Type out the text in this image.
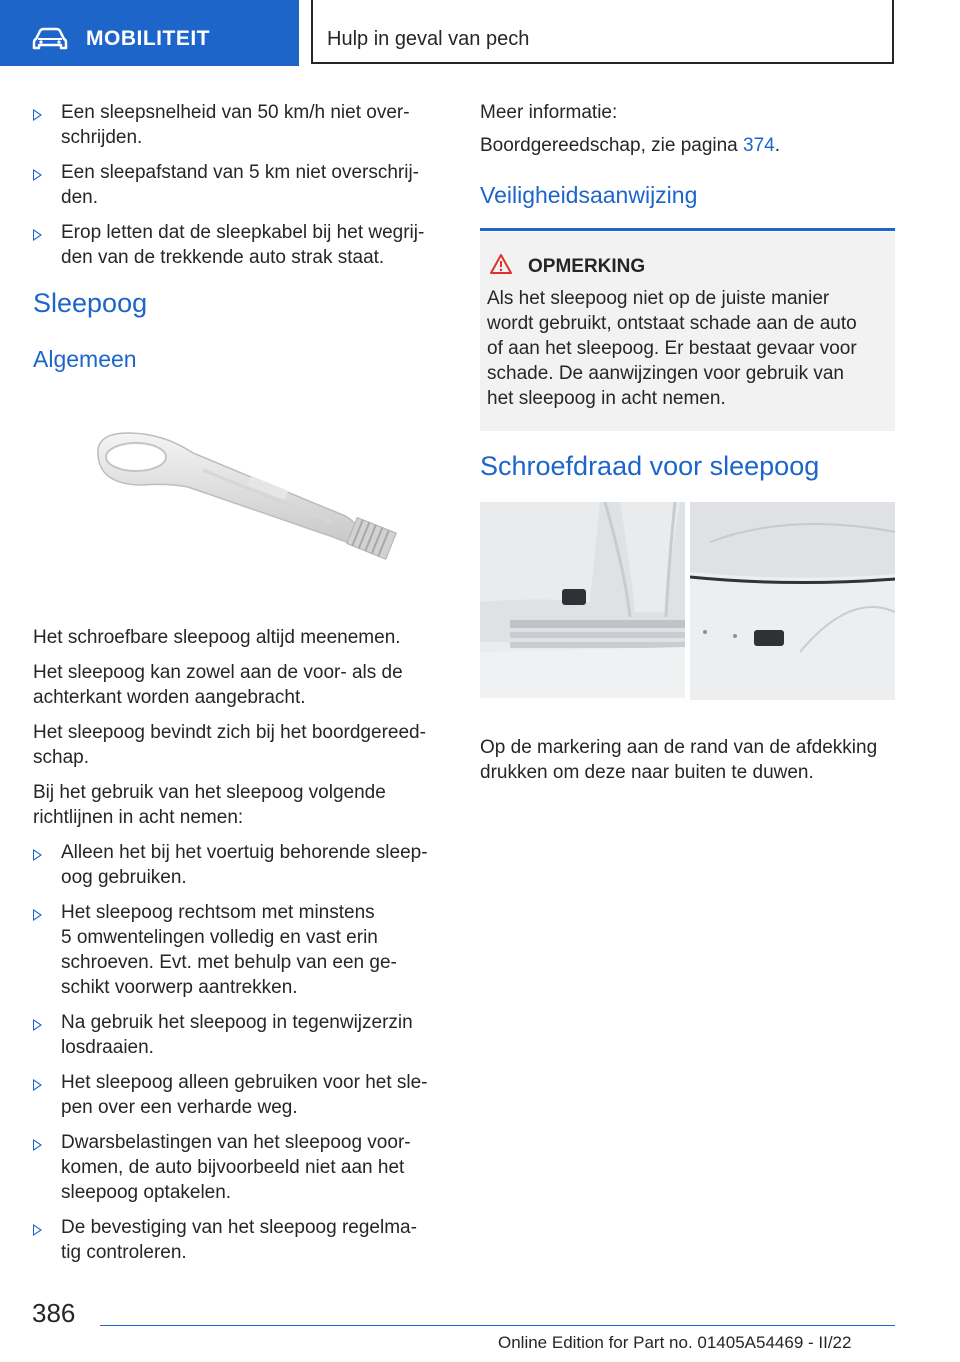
MOBILITEIT	Hulp in geval van pech

Een sleepsnelheid van 50 km/h niet over-

schrijden.

Een sleepafstand van 5 km niet overschrij-

den.

Erop letten dat de sleepkabel bij het wegrij-

den van de trekkende auto strak staat.

Sleepoog
Algemeen

Het schroefbare sleepoog altijd meenemen.

Het sleepoog kan zowel aan de voor- als de

achterkant worden aangebracht.

Het sleepoog bevindt zich bij het boordgereed-

schap.

Bij het gebruik van het sleepoog volgende

richtlijnen in acht nemen:

Alleen het bij het voertuig behorende sleep-

oog gebruiken.

Het sleepoog rechtsom met minstens

5 omwentelingen volledig en vast erin

schroeven. Evt. met behulp van een ge-

schikt voorwerp aantrekken.

Na gebruik het sleepoog in tegenwijzerzin

losdraaien.

Het sleepoog alleen gebruiken voor het sle-

pen over een verharde weg.

Dwarsbelastingen van het sleepoog voor-

komen, de auto bijvoorbeeld niet aan het

sleepoog optakelen.

De bevestiging van het sleepoog regelma-

tig controleren.

Meer informatie:

Boordgereedschap, zie pagina 374.

Veiligheidsaanwijzing
OPMERKING

Als het sleepoog niet op de juiste manier

wordt gebruikt, ontstaat schade aan de auto

of aan het sleepoog. Er bestaat gevaar voor

schade. De aanwijzingen voor gebruik van

het sleepoog in acht nemen.

Schroefdraad voor sleepoog

Op de markering aan de rand van de afdekking

drukken om deze naar buiten te duwen.

386
Online Edition for Part no. 01405A54469 - II/22
